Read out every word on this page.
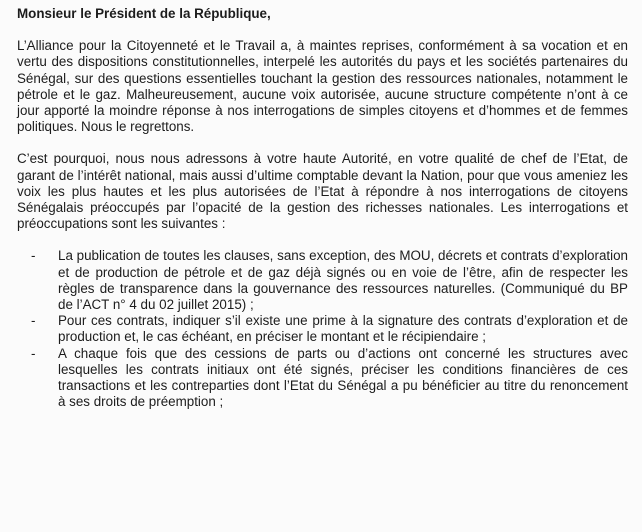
Monsieur le Président de la République,

L’Alliance pour la Citoyenneté et le Travail a, à maintes reprises, conformément à sa vocation et en vertu des dispositions constitutionnelles, interpelé les autorités du pays et les sociétés partenaires du Sénégal, sur des questions essentielles touchant la gestion des ressources nationales, notamment le pétrole et le gaz. Malheureusement, aucune voix autorisée, aucune structure compétente n’ont à ce jour apporté la moindre réponse à nos interrogations de simples citoyens et d’hommes et de femmes politiques. Nous le regrettons.

C’est pourquoi, nous nous adressons à votre haute Autorité, en votre qualité de chef de l’Etat, de garant de l’intérêt national, mais aussi d’ultime comptable devant la Nation, pour que vous ameniez les voix les plus hautes et les plus autorisées de l’Etat à répondre à nos interrogations de citoyens Sénégalais préoccupés par l’opacité de la gestion des richesses nationales. Les interrogations et préoccupations sont les suivantes :

- La publication de toutes les clauses, sans exception, des MOU, décrets et contrats d’exploration et de production de pétrole et de gaz déjà signés ou en voie de l’être, afin de respecter les règles de transparence dans la gouvernance des ressources naturelles. (Communiqué du BP de l’ACT n° 4 du 02 juillet 2015) ;
- Pour ces contrats, indiquer s’il existe une prime à la signature des contrats d’exploration et de production et, le cas échéant, en préciser le montant et le récipiendaire ;
- A chaque fois que des cessions de parts ou d’actions ont concerné les structures avec lesquelles les contrats initiaux ont été signés, préciser les conditions financières de ces transactions et les contreparties dont l’Etat du Sénégal a pu bénéficier au titre du renoncement à ses droits de préemption ;
